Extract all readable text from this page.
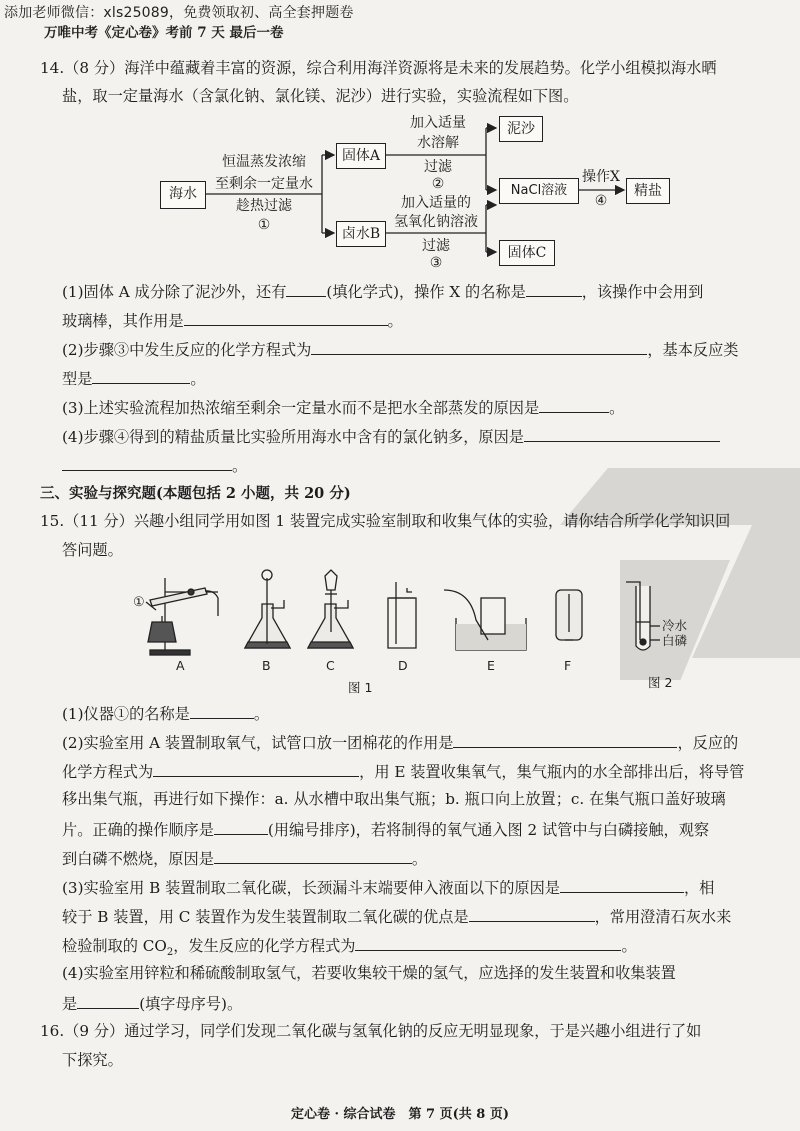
添加老师微信：xls25089，免费领取初、高全套押题卷
万唯中考《定心卷》考前 7 天 最后一卷
14.（8 分）海洋中蕴藏着丰富的资源，综合利用海洋资源将是未来的发展趋势。化学小组模拟海水晒
盐，取一定量海水（含氯化钠、氯化镁、泥沙）进行实验，实验流程如下图。
海水
恒温蒸发浓缩
至剩余一定量水
趁热过滤
①
固体A
卤水B
加入适量
水溶解
过滤
②
加入适量的
氢氧化钠溶液
过滤
③
泥沙
NaCl溶液
固体C
操作X
④
精盐
(1)固体 A 成分除了泥沙外，还有	(填化学式)，操作 X 的名称是	，该操作中会用到
玻璃棒，其作用是	。
(2)步骤③中发生反应的化学方程式为	，基本反应类
型是	。
(3)上述实验流程加热浓缩至剩余一定量水而不是把水全部蒸发的原因是	。
(4)步骤④得到的精盐质量比实验所用海水中含有的氯化钠多，原因是
。
三、实验与探究题(本题包括 2 小题，共 20 分)
15.（11 分）兴趣小组同学用如图 1 装置完成实验室制取和收集气体的实验，请你结合所学化学知识回
答问题。
①
A	B	C	D	E	F
冷水
白磷
图 1	图 2
(1)仪器①的名称是	。
(2)实验室用 A 装置制取氧气，试管口放一团棉花的作用是	，反应的
化学方程式为	，用 E 装置收集氧气，集气瓶内的水全部排出后，将导管
移出集气瓶，再进行如下操作：a. 从水槽中取出集气瓶；b. 瓶口向上放置；c. 在集气瓶口盖好玻璃
片。正确的操作顺序是	(用编号排序)，若将制得的氧气通入图 2 试管中与白磷接触，观察
到白磷不燃烧，原因是	。
(3)实验室用 B 装置制取二氧化碳，长颈漏斗末端要伸入液面以下的原因是	，相
较于 B 装置，用 C 装置作为发生装置制取二氧化碳的优点是	，常用澄清石灰水来
检验制取的 $CO_2$，发生反应的化学方程式为	。
(4)实验室用锌粒和稀硫酸制取氢气，若要收集较干燥的氢气，应选择的发生装置和收集装置
是	(填字母序号)。
16.（9 分）通过学习，同学们发现二氧化碳与氢氧化钠的反应无明显现象，于是兴趣小组进行了如
下探究。
定心卷 · 综合试卷　第 7 页(共 8 页)
